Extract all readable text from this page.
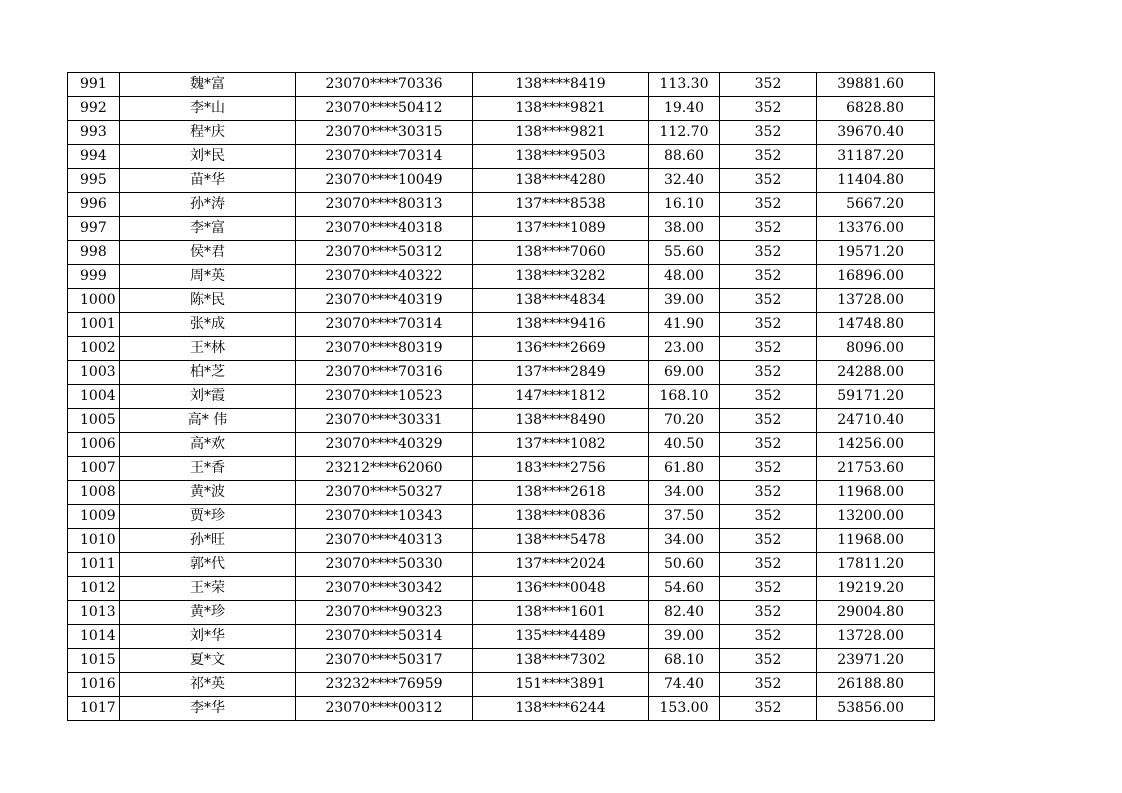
991	魏*富	23070****70336	138****8419	113.30	352	39881.60
992	李*山	23070****50412	138****9821	19.40	352	6828.80
993	程*庆	23070****30315	138****9821	112.70	352	39670.40
994	刘*民	23070****70314	138****9503	88.60	352	31187.20
995	苗*华	23070****10049	138****4280	32.40	352	11404.80
996	孙*涛	23070****80313	137****8538	16.10	352	5667.20
997	李*富	23070****40318	137****1089	38.00	352	13376.00
998	侯*君	23070****50312	138****7060	55.60	352	19571.20
999	周*英	23070****40322	138****3282	48.00	352	16896.00
1000	陈*民	23070****40319	138****4834	39.00	352	13728.00
1001	张*成	23070****70314	138****9416	41.90	352	14748.80
1002	王*林	23070****80319	136****2669	23.00	352	8096.00
1003	柏*芝	23070****70316	137****2849	69.00	352	24288.00
1004	刘*霞	23070****10523	147****1812	168.10	352	59171.20
1005	高* 伟	23070****30331	138****8490	70.20	352	24710.40
1006	高*欢	23070****40329	137****1082	40.50	352	14256.00
1007	王*香	23212****62060	183****2756	61.80	352	21753.60
1008	黄*波	23070****50327	138****2618	34.00	352	11968.00
1009	贾*珍	23070****10343	138****0836	37.50	352	13200.00
1010	孙*旺	23070****40313	138****5478	34.00	352	11968.00
1011	郭*代	23070****50330	137****2024	50.60	352	17811.20
1012	王*荣	23070****30342	136****0048	54.60	352	19219.20
1013	黄*珍	23070****90323	138****1601	82.40	352	29004.80
1014	刘*华	23070****50314	135****4489	39.00	352	13728.00
1015	夏*文	23070****50317	138****7302	68.10	352	23971.20
1016	祁*英	23232****76959	151****3891	74.40	352	26188.80
1017	李*华	23070****00312	138****6244	153.00	352	53856.00
